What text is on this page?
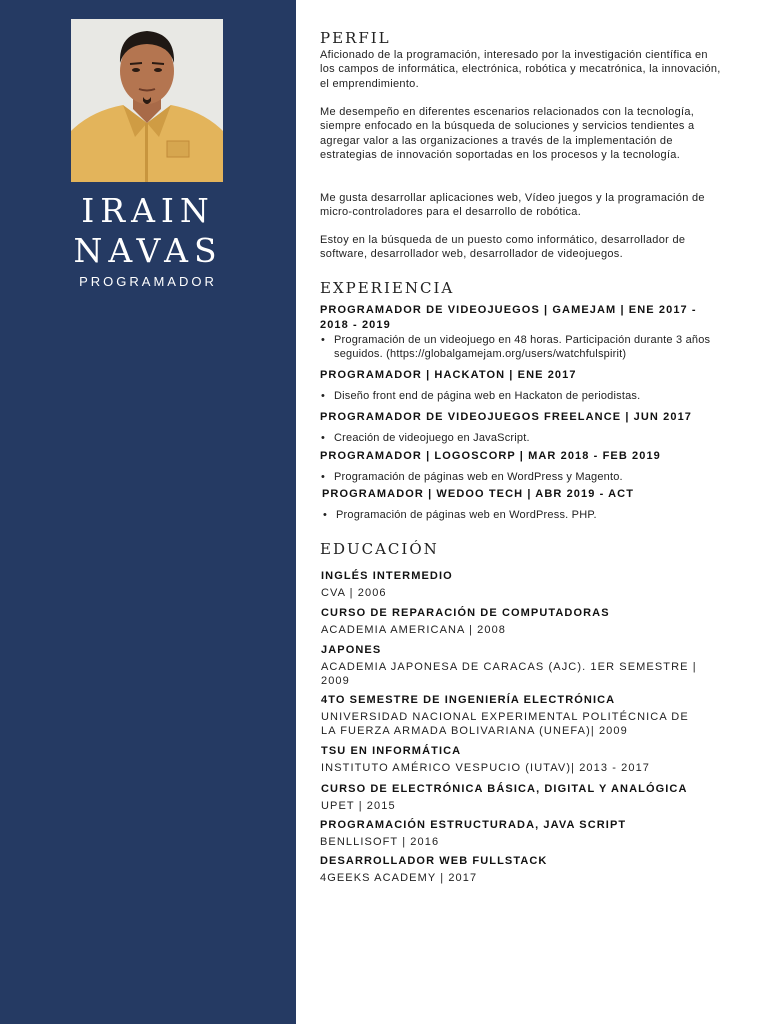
IRAIN
NAVAS
PROGRAMADOR
PERFIL

Aficionado de la programación, interesado por la investigación científica en los campos de informática, electrónica, robótica y mecatrónica, la innovación, el emprendimiento.

Me desempeño en diferentes escenarios relacionados con la tecnología, siempre enfocado en la búsqueda de soluciones y servicios tendientes a agregar valor a las organizaciones a través de la implementación de estrategias de innovación soportadas en los procesos y la tecnología.

Me gusta desarrollar aplicaciones web, Vídeo juegos y la programación de micro-controladores para el desarrollo de robótica.

Estoy en la búsqueda de un puesto como informático, desarrollador de software, desarrollador web, desarrollador de videojuegos.

EXPERIENCIA
PROGRAMADOR DE VIDEOJUEGOS | GAMEJAM | ENE 2017 - 2018 - 2019
• Programación de un videojuego en 48 horas. Participación durante 3 años seguidos. (https://globalgamejam.org/users/watchfulspirit)
PROGRAMADOR | HACKATON | ENE 2017
• Diseño front end de página web en Hackaton de periodistas.
PROGRAMADOR DE VIDEOJUEGOS FREELANCE | JUN 2017
• Creación de videojuego en JavaScript.
PROGRAMADOR | LOGOSCORP | MAR 2018 - FEB 2019
• Programación de páginas web en WordPress y Magento.
PROGRAMADOR | WEDOO TECH | ABR 2019 - ACT
• Programación de páginas web en WordPress. PHP.
EDUCACIÓN
INGLÉS INTERMEDIO
CVA | 2006
CURSO DE REPARACIÓN DE COMPUTADORAS
ACADEMIA AMERICANA | 2008
JAPONES
ACADEMIA JAPONESA DE CARACAS (AJC). 1ER SEMESTRE | 2009
4TO SEMESTRE DE INGENIERÍA ELECTRÓNICA
UNIVERSIDAD NACIONAL EXPERIMENTAL POLITÉCNICA DE LA FUERZA ARMADA BOLIVARIANA (UNEFA)| 2009
TSU EN INFORMÁTICA
INSTITUTO AMÉRICO VESPUCIO (IUTAV)| 2013 - 2017
CURSO DE ELECTRÓNICA BÁSICA, DIGITAL Y ANALÓGICA
UPET | 2015
PROGRAMACIÓN ESTRUCTURADA, JAVA SCRIPT
BENLLISOFT | 2016
DESARROLLADOR WEB FULLSTACK
4GEEKS ACADEMY | 2017
